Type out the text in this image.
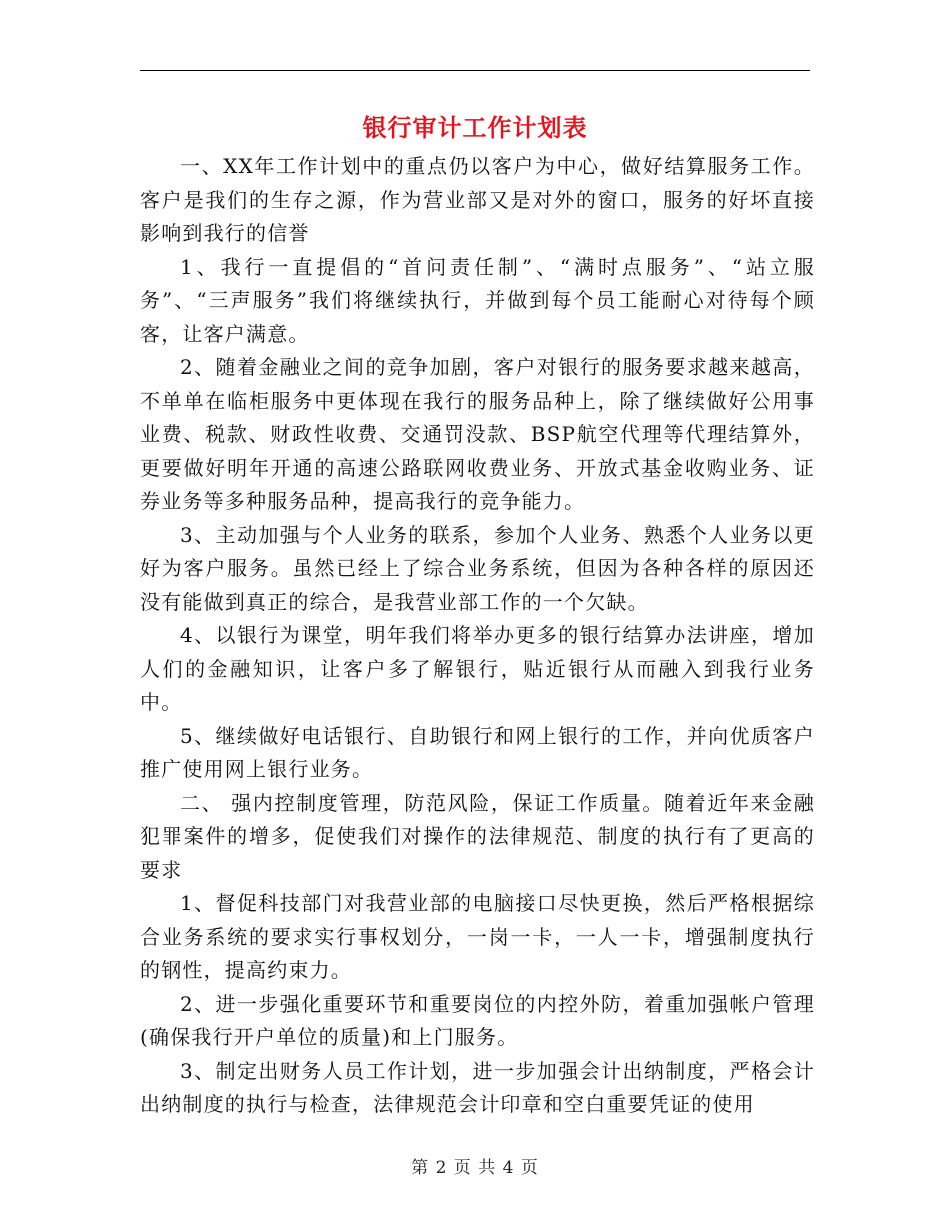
银行审计工作计划表

一、XX年工作计划中的重点仍以客户为中心，做好结算服务工作。客户是我们的生存之源，作为营业部又是对外的窗口，服务的好坏直接影响到我行的信誉

1、我行一直提倡的“首问责任制”、“满时点服务”、“站立服务”、“三声服务”我们将继续执行，并做到每个员工能耐心对待每个顾客，让客户满意。

2、随着金融业之间的竞争加剧，客户对银行的服务要求越来越高，不单单在临柜服务中更体现在我行的服务品种上，除了继续做好公用事业费、税款、财政性收费、交通罚没款、BSP航空代理等代理结算外，更要做好明年开通的高速公路联网收费业务、开放式基金收购业务、证券业务等多种服务品种，提高我行的竞争能力。

3、主动加强与个人业务的联系，参加个人业务、熟悉个人业务以更好为客户服务。虽然已经上了综合业务系统，但因为各种各样的原因还没有能做到真正的综合，是我营业部工作的一个欠缺。

4、以银行为课堂，明年我们将举办更多的银行结算办法讲座，增加人们的金融知识，让客户多了解银行，贴近银行从而融入到我行业务中。

5、继续做好电话银行、自助银行和网上银行的工作，并向优质客户推广使用网上银行业务。

二、 强内控制度管理，防范风险，保证工作质量。随着近年来金融犯罪案件的增多，促使我们对操作的法律规范、制度的执行有了更高的要求

1、督促科技部门对我营业部的电脑接口尽快更换，然后严格根据综合业务系统的要求实行事权划分，一岗一卡，一人一卡，增强制度执行的钢性，提高约束力。

2、进一步强化重要环节和重要岗位的内控外防，着重加强帐户管理(确保我行开户单位的质量)和上门服务。

3、制定出财务人员工作计划，进一步加强会计出纳制度，严格会计出纳制度的执行与检查，法律规范会计印章和空白重要凭证的使用

第 2 页 共 4 页
